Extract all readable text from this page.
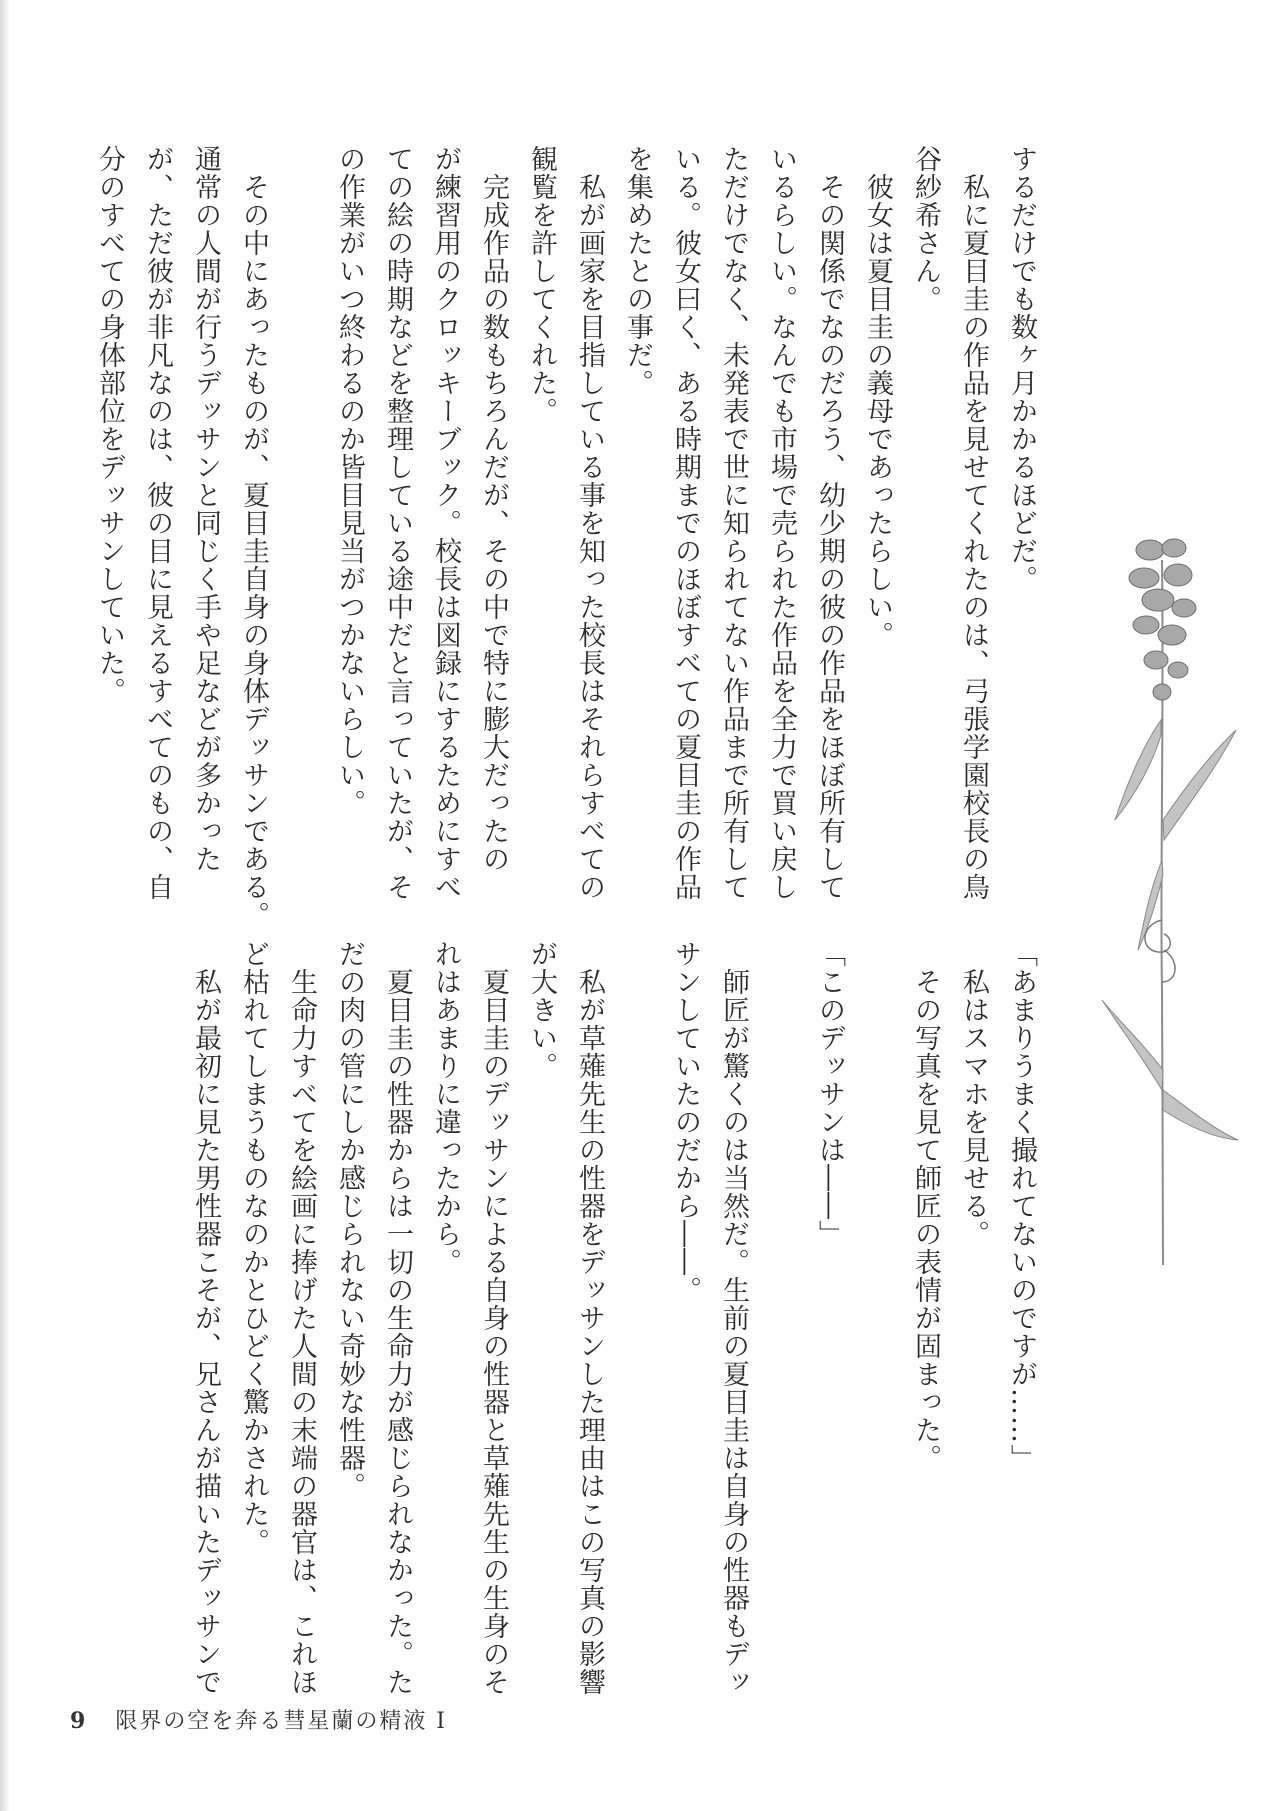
するだけでも数ヶ月かかるほどだ。

　私に夏目圭の作品を見せてくれたのは、弓張学園校長の鳥

谷紗希さん。

　彼女は夏目圭の義母であったらしい。

　その関係でなのだろう、幼少期の彼の作品をほぼ所有して

いるらしい。なんでも市場で売られた作品を全力で買い戻し

ただけでなく、未発表で世に知られてない作品まで所有して

いる。彼女曰く、ある時期までのほぼすべての夏目圭の作品

を集めたとの事だ。

　私が画家を目指している事を知った校長はそれらすべての

観覧を許してくれた。

　完成作品の数もちろんだが、その中で特に膨大だったの

が練習用のクロッキーブック。校長は図録にするためにすべ

ての絵の時期などを整理している途中だと言っていたが、そ

の作業がいつ終わるのか皆目見当がつかないらしい。

　その中にあったものが、夏目圭自身の身体デッサンである。

通常の人間が行うデッサンと同じく手や足などが多かった

が、ただ彼が非凡なのは、彼の目に見えるすべてのもの、自

分のすべての身体部位をデッサンしていた。

「あまりうまく撮れてないのですが……」

　私はスマホを見せる。

　その写真を見て師匠の表情が固まった。

「このデッサンは――」

　師匠が驚くのは当然だ。生前の夏目圭は自身の性器もデッ

サンしていたのだから――。

　私が草薙先生の性器をデッサンした理由はこの写真の影響

が大きい。

　夏目圭のデッサンによる自身の性器と草薙先生の生身のそ

れはあまりに違ったから。

　夏目圭の性器からは一切の生命力が感じられなかった。た

だの肉の管にしか感じられない奇妙な性器。

　生命力すべてを絵画に捧げた人間の末端の器官は、これほ

ど枯れてしまうものなのかとひどく驚かされた。

　私が最初に見た男性器こそが、兄さんが描いたデッサンで

9 限界の空を奔る彗星蘭の精液 I
